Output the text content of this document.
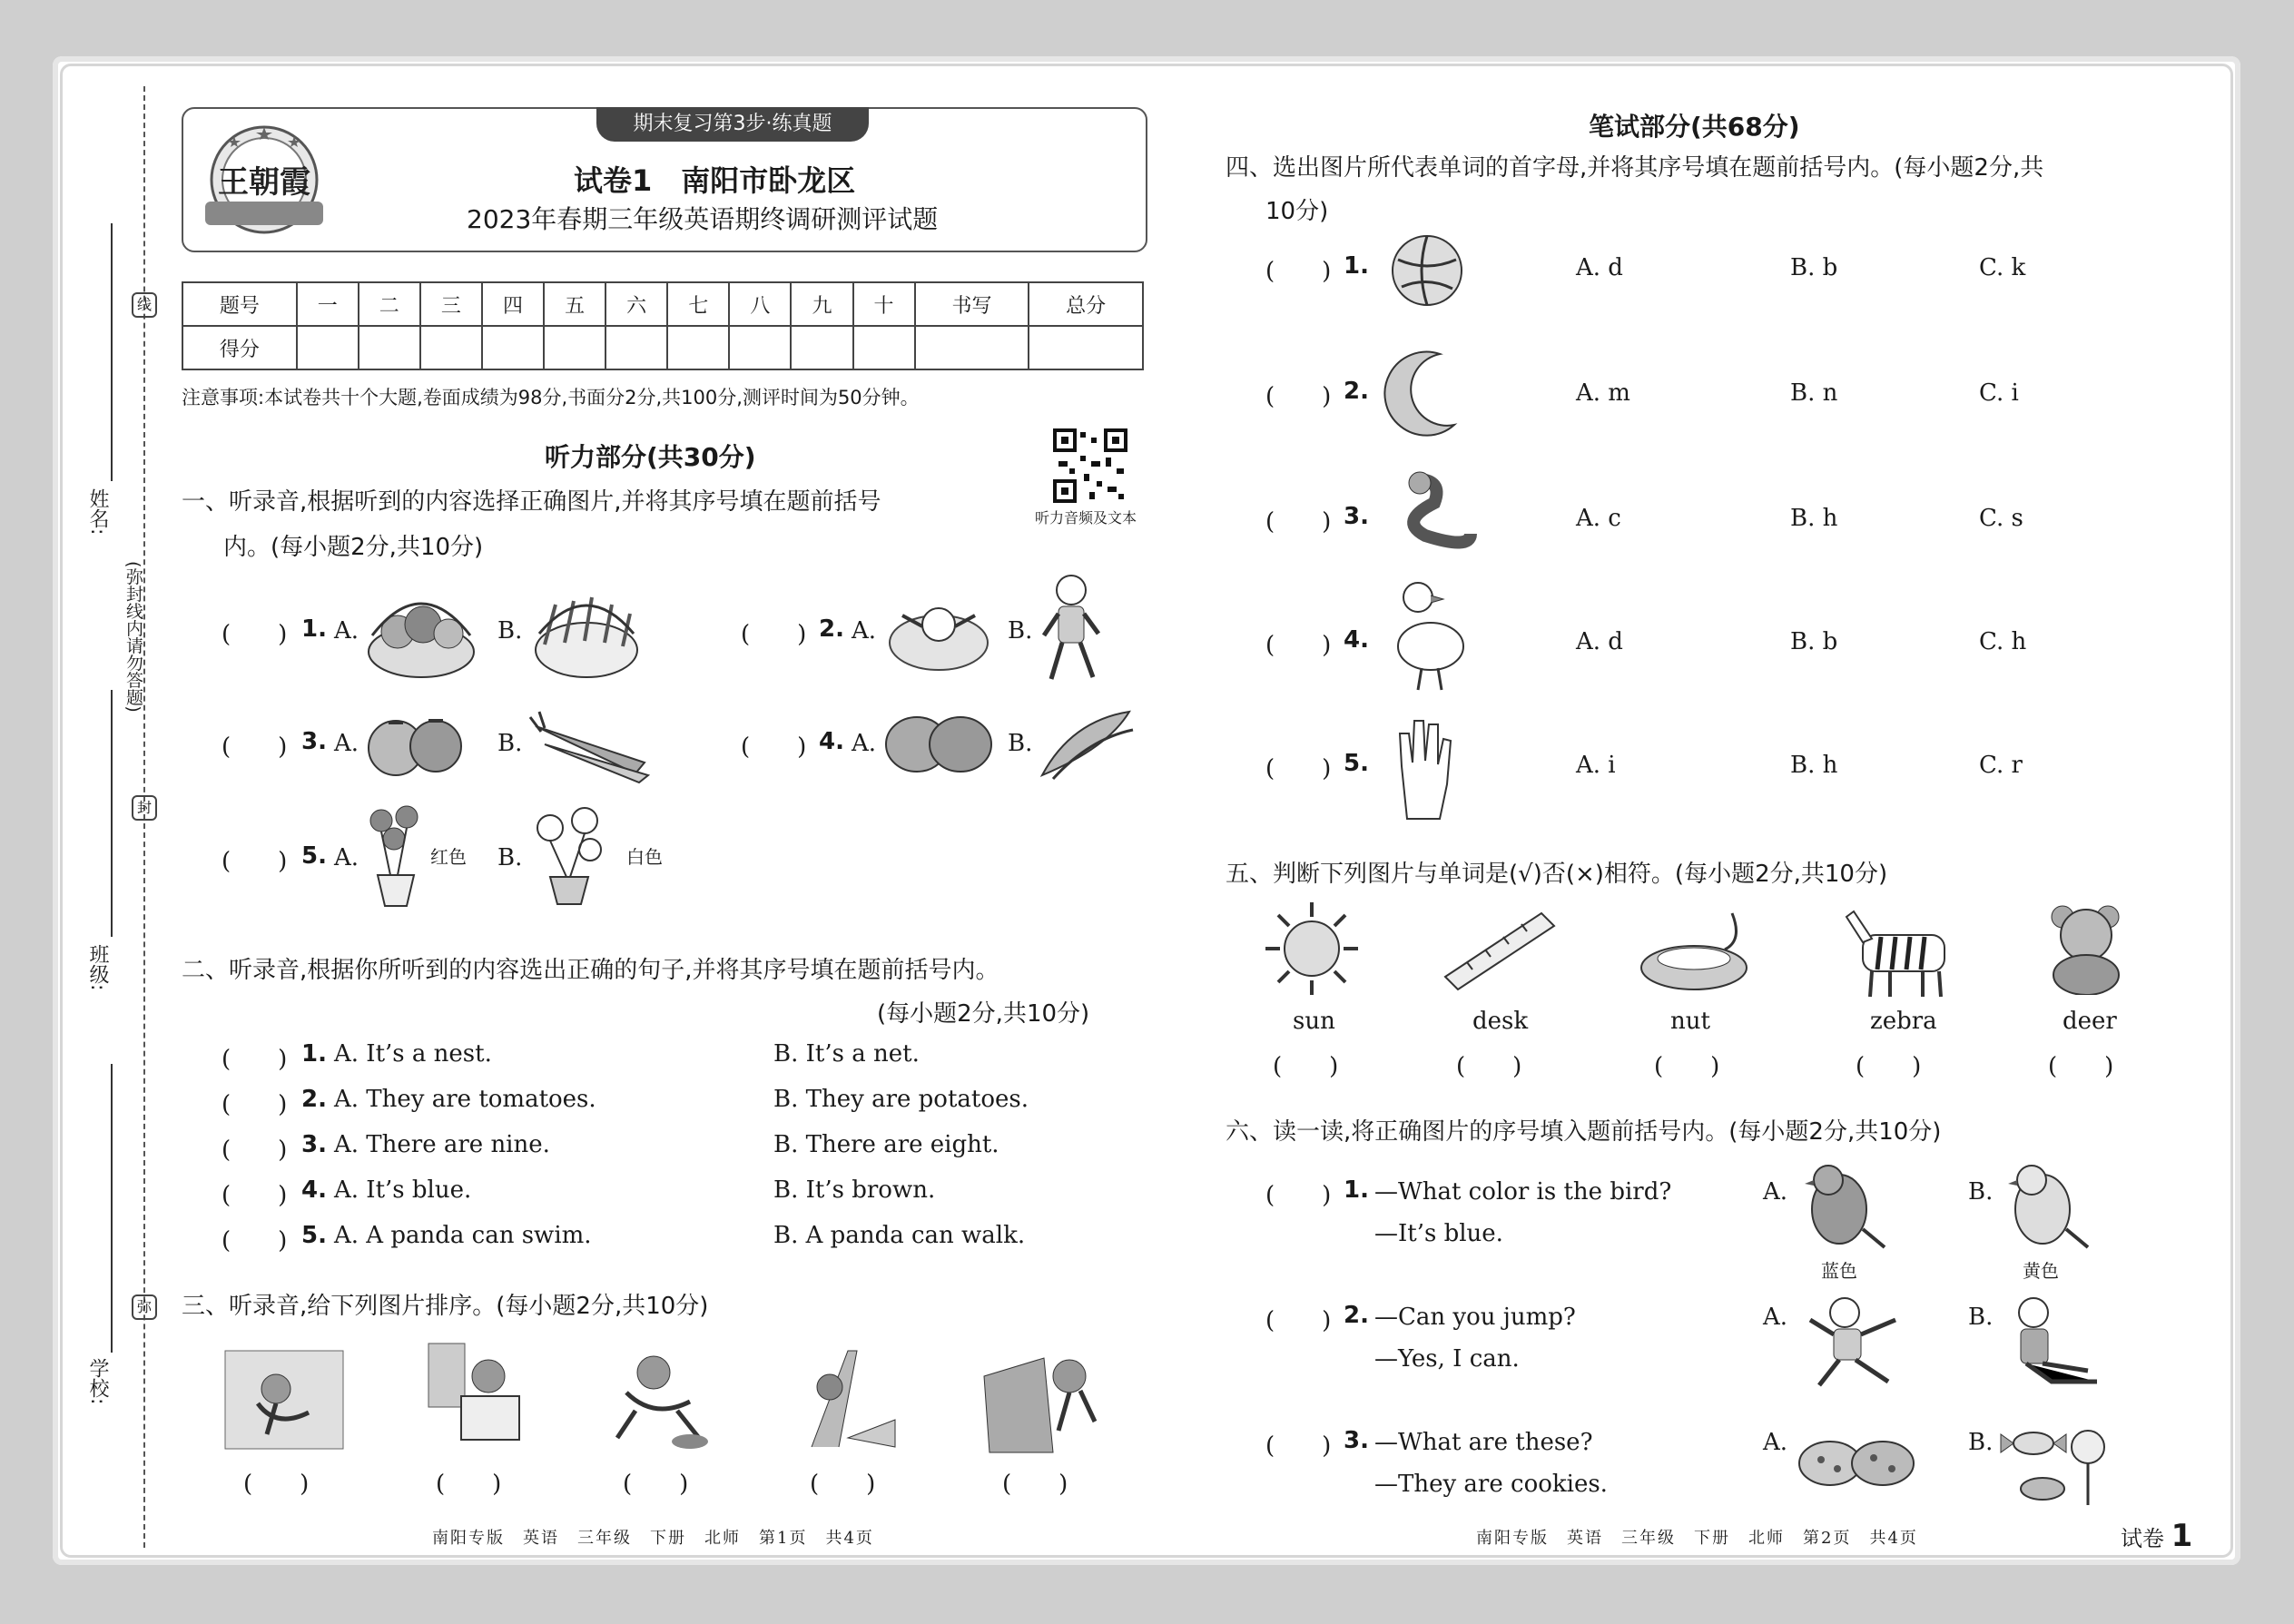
线
封
弥
(弥封线内请勿答题)
学校:
班级:
姓名:
期末复习第3步·练真题
王朝霞	试卷1　南阳市卧龙区
2023年春期三年级英语期终调研测评试题
题号	一	二	三	四	五	六	七	八	九	十	书写	总分
得分												
注意事项:本试卷共十个大题,卷面成绩为98分,书面分2分,共100分,测评时间为50分钟。
听力部分(共30分)
听力音频及文本
一、听录音,根据听到的内容选择正确图片,并将其序号填在题前括号
内。(每小题2分,共10分)
(　　) 1. A.	B.	(　　) 2. A.	B.
(　　) 3. A.	B.	(　　) 4. A.	B.
(　　) 5. A.	红色 B.	白色
二、听录音,根据你所听到的内容选出正确的句子,并将其序号填在题前括号内。
(每小题2分,共10分)
(　　) 1. A. It’s a nest.	B. It’s a net.
(　　) 2. A. They are tomatoes.	B. They are potatoes.
(　　) 3. A. There are nine.	B. There are eight.
(　　) 4. A. It’s blue.	B. It’s brown.
(　　) 5. A. A panda can swim.	B. A panda can walk.
三、听录音,给下列图片排序。(每小题2分,共10分)
(　　)	(　　)	(　　)	(　　)	(　　)
南阳专版　英语　三年级　下册　北师　第1页　共4页
笔试部分(共68分)
四、选出图片所代表单词的首字母,并将其序号填在题前括号内。(每小题2分,共
10分)
(　　) 1.	A. d	B. b	C. k
(　　) 2.	A. m	B. n	C. i
(　　) 3.	A. c	B. h	C. s
(　　) 4.	A. d	B. b	C. h
(　　) 5.	A. i	B. h	C. r
五、判断下列图片与单词是(√)否(×)相符。(每小题2分,共10分)
sun
(　　)
desk
(　　)
nut
(　　)
zebra
(　　)
deer
(　　)
六、读一读,将正确图片的序号填入题前括号内。(每小题2分,共10分)
(　　) 1. —What color is the bird?
—It’s blue.
A.
蓝色
B.
黄色
(　　) 2. —Can you jump?
—Yes, I can.
A.	B.
(　　) 3. —What are these?
—They are cookies.
A.	B.
南阳专版　英语　三年级　下册　北师　第2页　共4页	试卷 1
